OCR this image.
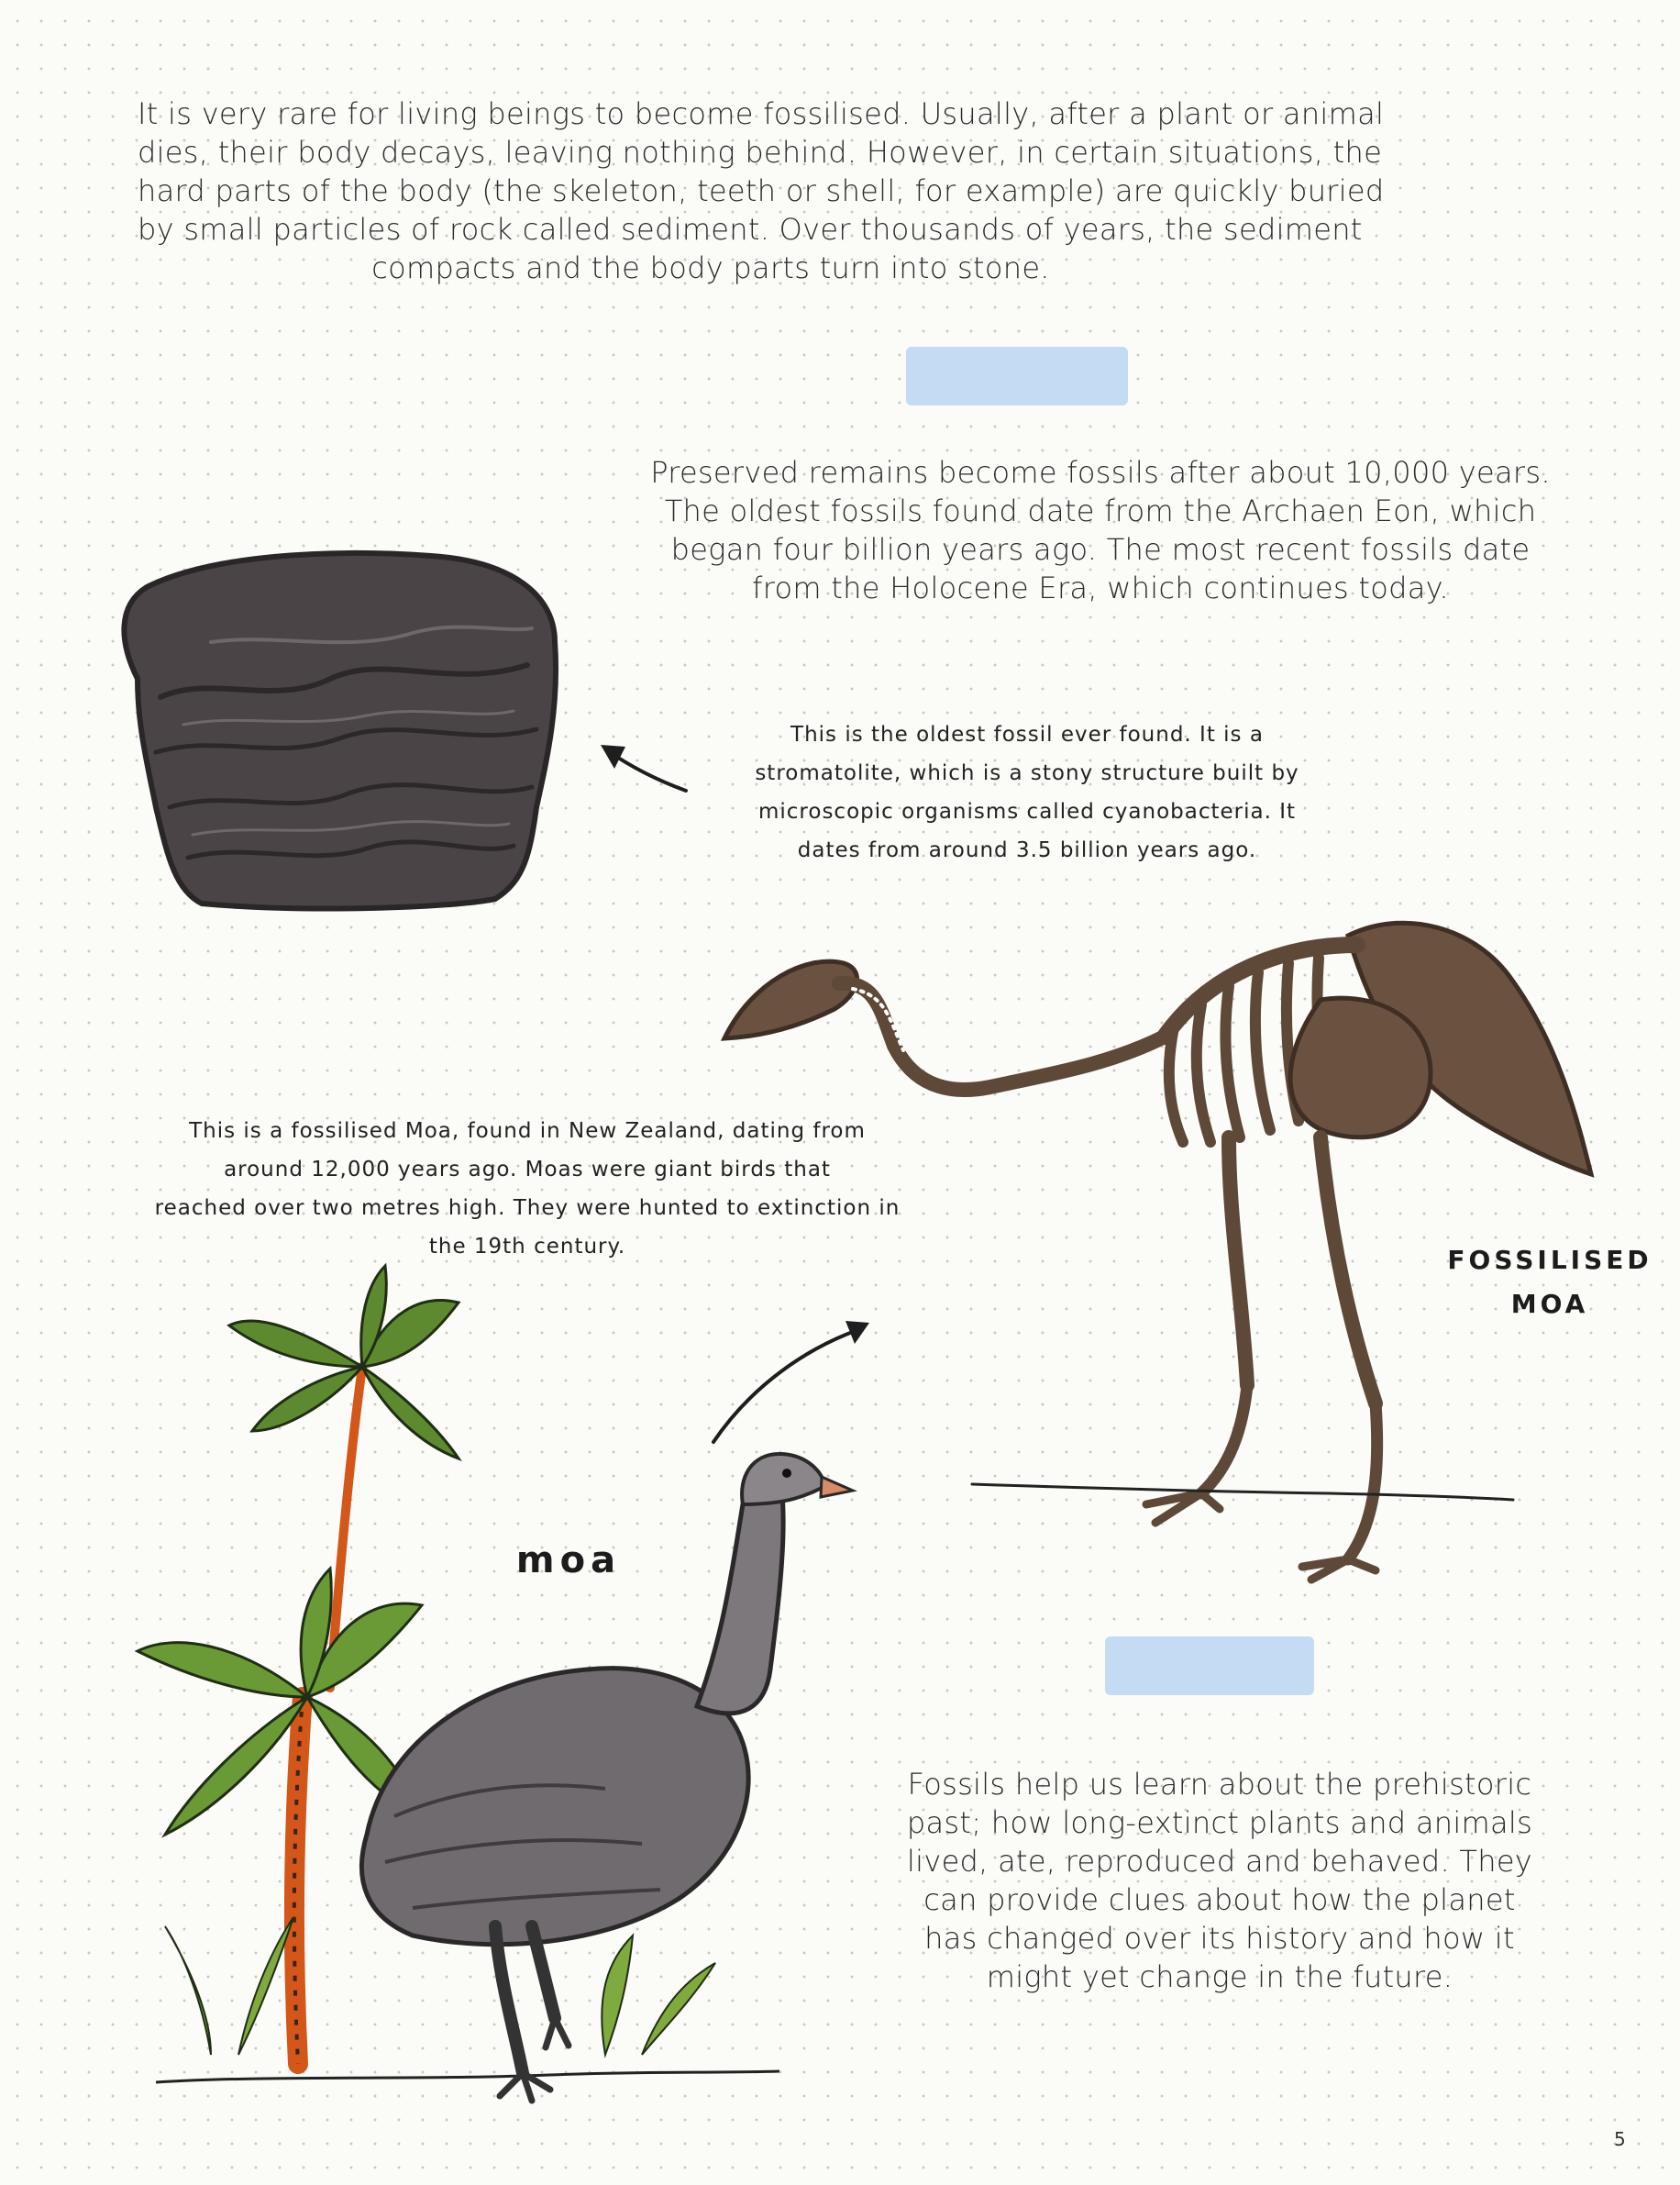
It is very rare for living beings to become fossilised. Usually, after a plant or animal
dies, their body decays, leaving nothing behind. However, in certain situations, the
hard parts of the body (the skeleton, teeth or shell, for example) are quickly buried
by small particles of rock called sediment. Over thousands of years, the sediment
compacts and the body parts turn into stone.
Preserved remains become fossils after about 10,000 years.
The oldest fossils found date from the Archaen Eon, which
began four billion years ago. The most recent fossils date
from the Holocene Era, which continues today.
This is the oldest fossil ever found. It is a
stromatolite, which is a stony structure built by
microscopic organisms called cyanobacteria. It
dates from around 3.5 billion years ago.
This is a fossilised Moa, found in New Zealand, dating from
around 12,000 years ago. Moas were giant birds that
reached over two metres high. They were hunted to extinction in
the 19th century.	FOSSILISED
MOA
moa
Fossils help us learn about the prehistoric
past; how long-extinct plants and animals
lived, ate, reproduced and behaved. They
can provide clues about how the planet
has changed over its history and how it
might yet change in the future.
5
